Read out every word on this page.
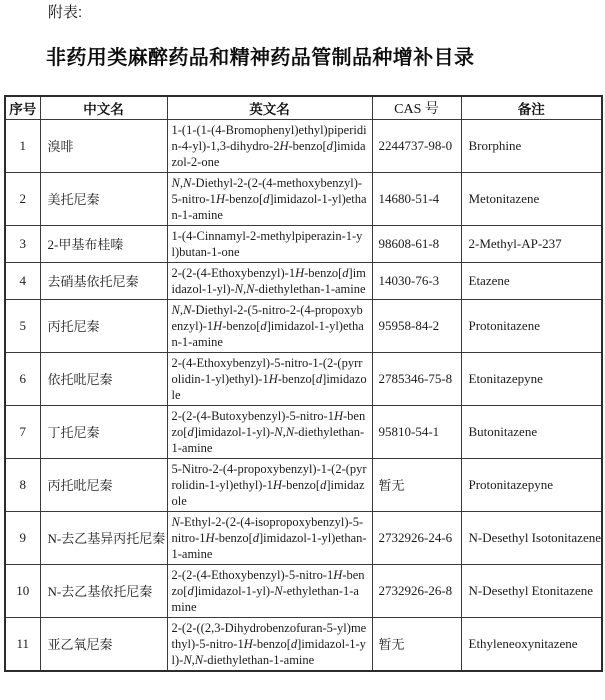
附表:
非药用类麻醉药品和精神药品管制品种增补目录
序号	中文名	英文名	CAS 号	备注
1	溴啡	1-(1-(1-(4-Bromophenyl)ethyl)piperidin-4-yl)-1,3-dihydro-2H-benzo[d]imidazol-2-one	2244737-98-0	Brorphine
2	美托尼秦	N,N-Diethyl-2-(2-(4-methoxybenzyl)-5-nitro-1H-benzo[d]imidazol-1-yl)ethan-1-amine	14680-51-4	Metonitazene
3	2-甲基布桂嗪	1-(4-Cinnamyl-2-methylpiperazin-1-yl)butan-1-one	98608-61-8	2-Methyl-AP-237
4	去硝基依托尼秦	2-(2-(4-Ethoxybenzyl)-1H-benzo[d]imidazol-1-yl)-N,N-diethylethan-1-amine	14030-76-3	Etazene
5	丙托尼秦	N,N-Diethyl-2-(5-nitro-2-(4-propoxybenzyl)-1H-benzo[d]imidazol-1-yl)ethan-1-amine	95958-84-2	Protonitazene
6	依托吡尼秦	2-(4-Ethoxybenzyl)-5-nitro-1-(2-(pyrrolidin-1-yl)ethyl)-1H-benzo[d]imidazole	2785346-75-8	Etonitazepyne
7	丁托尼秦	2-(2-(4-Butoxybenzyl)-5-nitro-1H-benzo[d]imidazol-1-yl)-N,N-diethylethan-1-amine	95810-54-1	Butonitazene
8	丙托吡尼秦	5-Nitro-2-(4-propoxybenzyl)-1-(2-(pyrrolidin-1-yl)ethyl)-1H-benzo[d]imidazole	暂无	Protonitazepyne
9	N-去乙基异丙托尼秦	N-Ethyl-2-(2-(4-isopropoxybenzyl)-5-nitro-1H-benzo[d]imidazol-1-yl)ethan-1-amine	2732926-24-6	N-Desethyl Isotonitazene
10	N-去乙基依托尼秦	2-(2-(4-Ethoxybenzyl)-5-nitro-1H-benzo[d]imidazol-1-yl)-N-ethylethan-1-amine	2732926-26-8	N-Desethyl Etonitazene
11	亚乙氧尼秦	2-(2-((2,3-Dihydrobenzofuran-5-yl)methyl)-5-nitro-1H-benzo[d]imidazol-1-yl)-N,N-diethylethan-1-amine	暂无	Ethyleneoxynitazene
